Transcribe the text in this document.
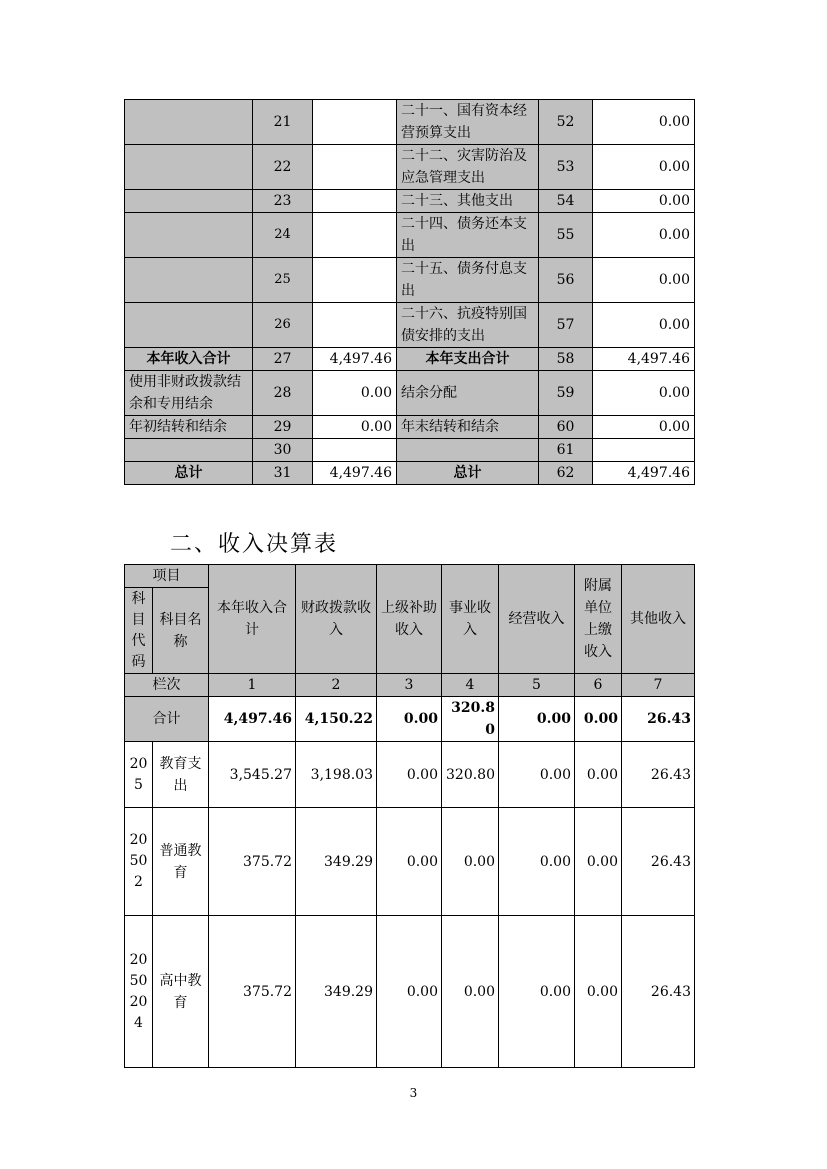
	21		二十一、国有资本经营预算支出	52	0.00
	22		二十二、灾害防治及应急管理支出	53	0.00
	23		二十三、其他支出	54	0.00
	24		二十四、债务还本支出	55	0.00
	25		二十五、债务付息支出	56	0.00
	26		二十六、抗疫特别国债安排的支出	57	0.00
本年收入合计	27	4,497.46	本年支出合计	58	4,497.46
使用非财政拨款结余和专用结余	28	0.00	结余分配	59	0.00
年初结转和结余	29	0.00	年末结转和结余	60	0.00
	30			61	
总计	31	4,497.46	总计	62	4,497.46
二、收入决算表
项目		本年收入合计	财政拨款收入	上级补助收入	事业收入	经营收入	附属单位上缴收入	其他收入
科目代码	科目名称							
栏次		1	2	3	4	5	6	7
合计		4,497.46	4,150.22	0.00	320.80	0.00	0.00	26.43
205	教育支出	3,545.27	3,198.03	0.00	320.80	0.00	0.00	26.43
20502	普通教育	375.72	349.29	0.00	0.00	0.00	0.00	26.43
2050204	高中教育	375.72	349.29	0.00	0.00	0.00	0.00	26.43
3
